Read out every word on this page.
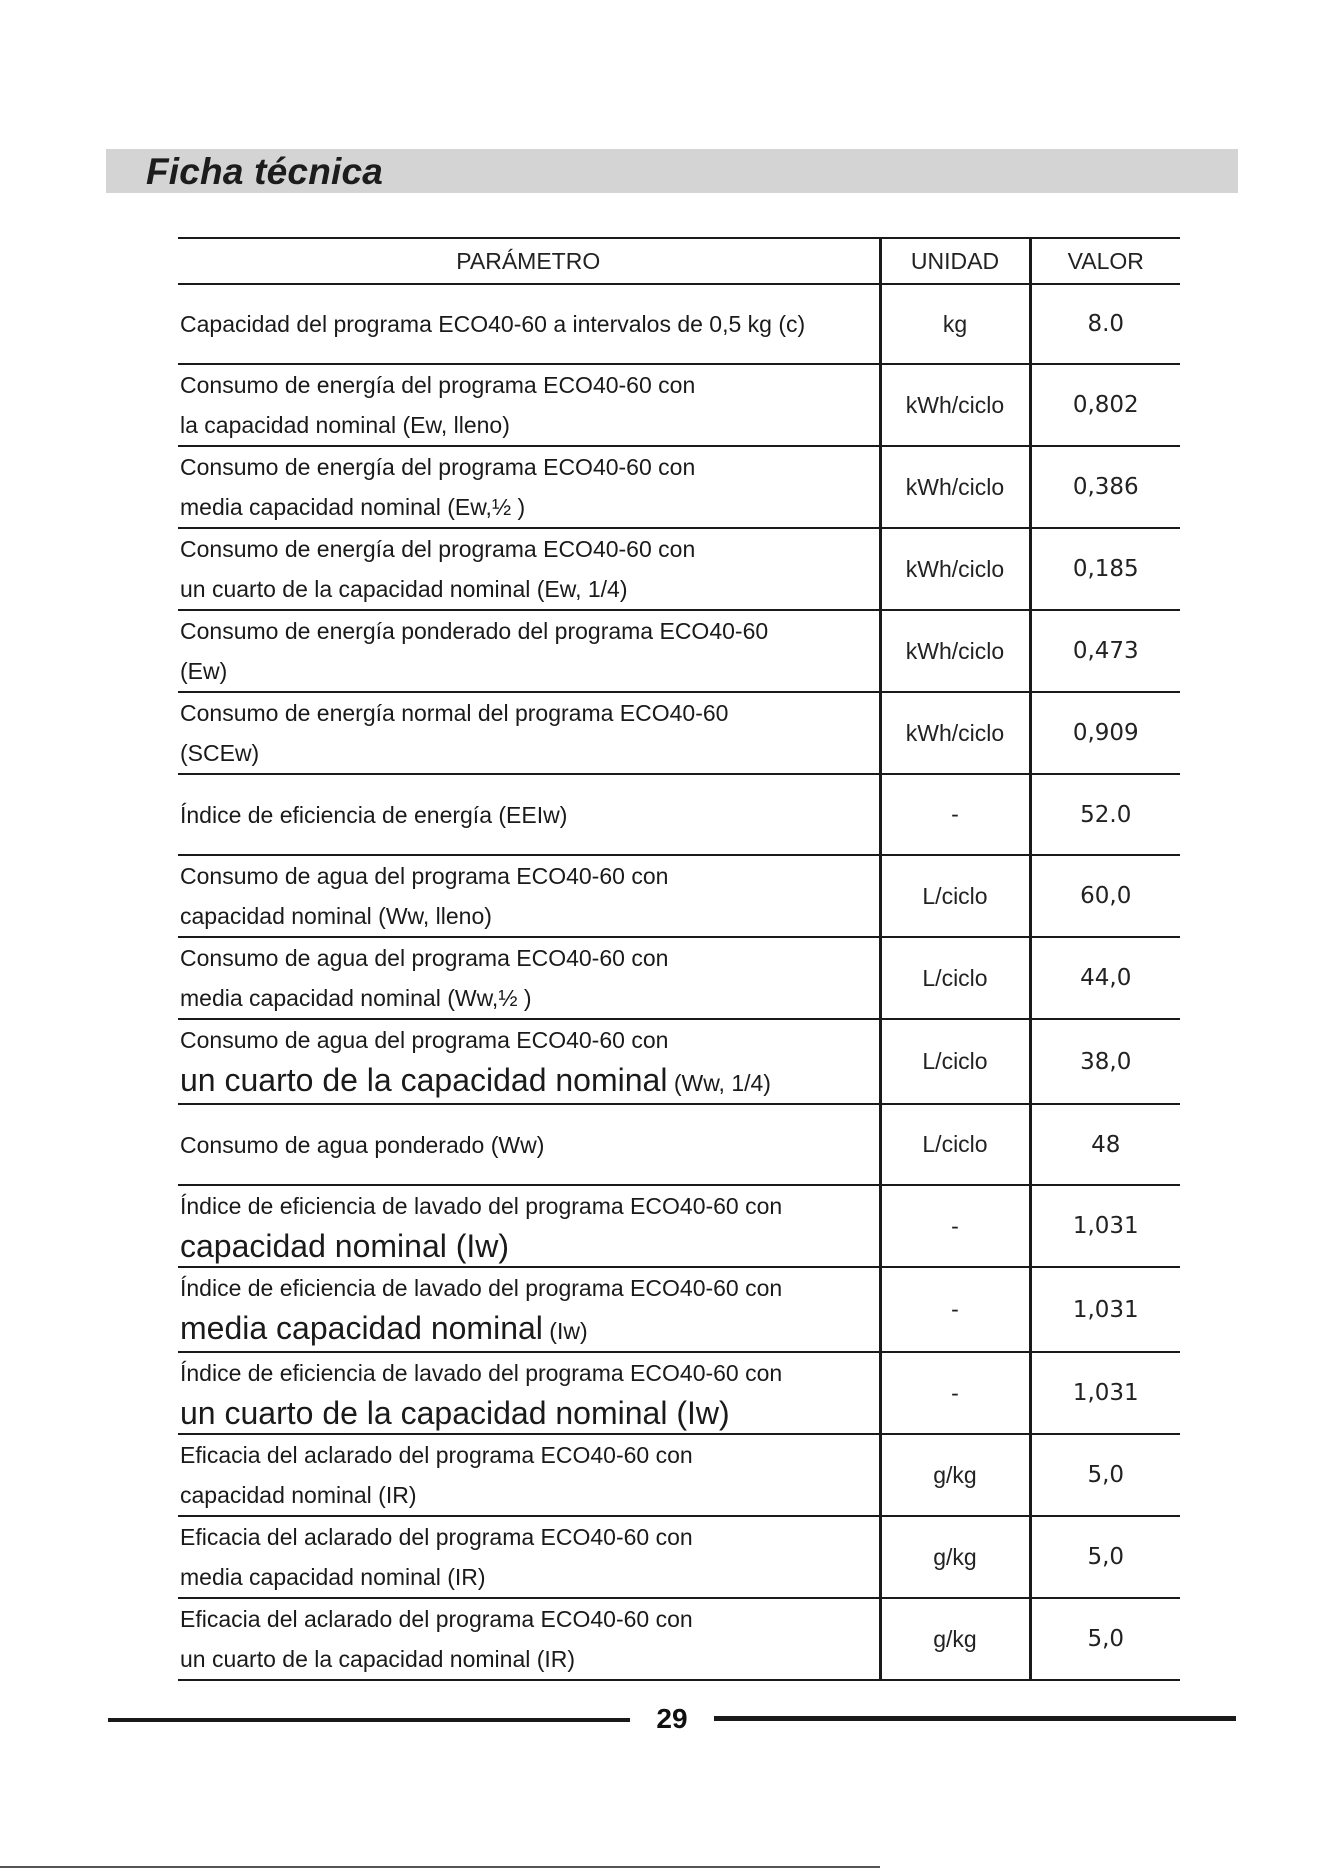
Ficha técnica
PARÁMETRO	UNIDAD	VALOR

Capacidad del programa ECO40-60 a intervalos de 0,5 kg (c)	kg	8.0

Consumo de energía del programa ECO40-60 con
la capacidad nominal (Ew, lleno)	kWh/ciclo	0,802

Consumo de energía del programa ECO40-60 con
media capacidad nominal (Ew,½ )	kWh/ciclo	0,386

Consumo de energía del programa ECO40-60 con
un cuarto de la capacidad nominal (Ew, 1/4)	kWh/ciclo	0,185

Consumo de energía ponderado del programa ECO40-60
(Ew)	kWh/ciclo	0,473

Consumo de energía normal del programa ECO40-60
(SCEw)	kWh/ciclo	0,909

Índice de eficiencia de energía (EEIw)	-	52.0

Consumo de agua del programa ECO40-60 con
capacidad nominal (Ww, lleno)	L/ciclo	60,0

Consumo de agua del programa ECO40-60 con
media capacidad nominal (Ww,½ )	L/ciclo	44,0

Consumo de agua del programa ECO40-60 con
un cuarto de la capacidad nominal (Ww, 1/4)	L/ciclo	38,0

Consumo de agua ponderado (Ww)	L/ciclo	48

Índice de eficiencia de lavado del programa ECO40-60 con
capacidad nominal (Iw)	-	1,031

Índice de eficiencia de lavado del programa ECO40-60 con
media capacidad nominal (Iw)	-	1,031

Índice de eficiencia de lavado del programa ECO40-60 con
un cuarto de la capacidad nominal (Iw)	-	1,031

Eficacia del aclarado del programa ECO40-60 con
capacidad nominal (IR)	g/kg	5,0

Eficacia del aclarado del programa ECO40-60 con
media capacidad nominal (IR)	g/kg	5,0

Eficacia del aclarado del programa ECO40-60 con
un cuarto de la capacidad nominal (IR)	g/kg	5,0
29
